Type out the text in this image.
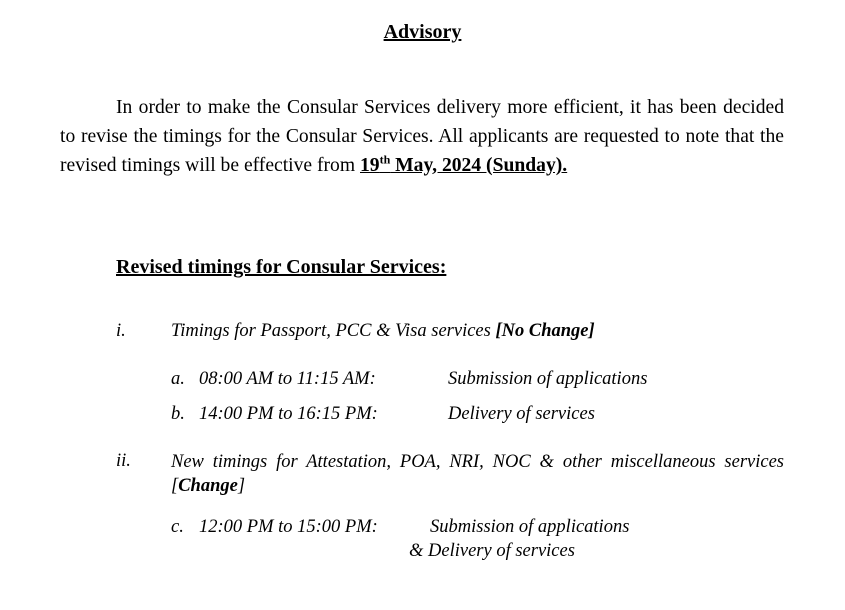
Advisory
In order to make the Consular Services delivery more efficient, it has been decided to revise the timings for the Consular Services. All applicants are requested to note that the revised timings will be effective from 19th May, 2024 (Sunday).
Revised timings for Consular Services:
i. Timings for Passport, PCC & Visa services [No Change]
a. 08:00 AM to 11:15 AM:	Submission of applications
b. 14:00 PM to 16:15 PM:	Delivery of services
ii. New timings for Attestation, POA, NRI, NOC & other miscellaneous services [Change]
c. 12:00 PM to 15:00 PM:	Submission of applications
& Delivery of services
